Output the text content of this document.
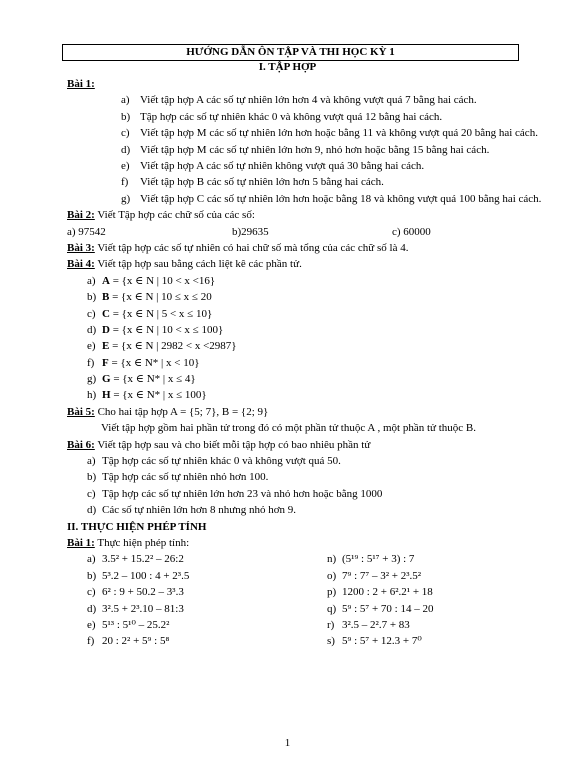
HƯỚNG DẪN ÔN TẬP VÀ THI HỌC KỲ 1
I. TẬP HỢP
Bài 1:
a) Viết tập hợp A các số tự nhiên lớn hơn 4 và không vượt quá 7 bằng hai cách.
b) Tập hợp các số tự nhiên khác 0 và không vượt quá 12 bằng hai cách.
c) Viết tập hợp M các số tự nhiên lớn hơn hoặc bằng 11 và không vượt quá 20 bằng hai cách.
d) Viết tập hợp M các số tự nhiên lớn hơn 9, nhỏ hơn hoặc bằng 15 bằng hai cách.
e) Viết tập hợp A các số tự nhiên không vượt quá 30 bằng hai cách.
f) Viết tập hợp B các số tự nhiên lớn hơn 5 bằng hai cách.
g) Viết tập hợp C các số tự nhiên lớn hơn hoặc bằng 18 và không vượt quá 100 bằng hai cách.
Bài 2: Viết Tập hợp các chữ số của các số:
a) 97542	b)29635	c) 60000
Bài 3: Viết tập hợp các số tự nhiên có hai chữ số mà tổng của các chữ số là 4.
Bài 4: Viết tập hợp sau bằng cách liệt kê các phần tử.
a) A = {x ∈ N | 10 < x <16}
b) B = {x ∈ N | 10 ≤ x ≤ 20
c) C = {x ∈ N | 5 < x ≤ 10}
d) D = {x ∈ N | 10 < x ≤ 100}
e) E = {x ∈ N | 2982 < x <2987}
f) F = {x ∈ N* | x < 10}
g) G = {x ∈ N* | x ≤ 4}
h) H = {x ∈ N* | x ≤ 100}
Bài 5: Cho hai tập hợp A = {5; 7}, B = {2; 9}
Viết tập hợp gồm hai phần tử trong đó có một phần tử thuộc A , một phần tử thuộc B.
Bài 6: Viết tập hợp sau và cho biết mỗi tập hợp có bao nhiêu phần tử
a) Tập hợp các số tự nhiên khác 0 và không vượt quá 50.
b) Tập hợp các số tự nhiên nhỏ hơn 100.
c) Tập hợp các số tự nhiên lớn hơn 23 và nhỏ hơn hoặc bằng 1000
d) Các số tự nhiên lớn hơn 8 nhưng nhỏ hơn 9.
II. THỰC HIỆN PHÉP TÍNH
Bài 1: Thực hiện phép tính:
a) 3.5² + 15.2² – 26:2	n) (5¹⁹ : 5¹⁷ + 3) : 7
b) 5³.2 – 100 : 4 + 2³.5	o) 7⁹ : 7⁷ – 3² + 2³.5²
c) 6² : 9 + 50.2 – 3³.3	p) 1200 : 2 + 6².2¹ + 18
d) 3².5 + 2³.10 – 81:3	q) 5⁹ : 5⁷ + 70 : 14 – 20
e) 5¹³ : 5¹⁰ – 25.2²	r) 3².5 – 2².7 + 83
f) 20 : 2² + 5⁹ : 5⁸	s) 5⁹ : 5⁷ + 12.3 + 7⁰
1
